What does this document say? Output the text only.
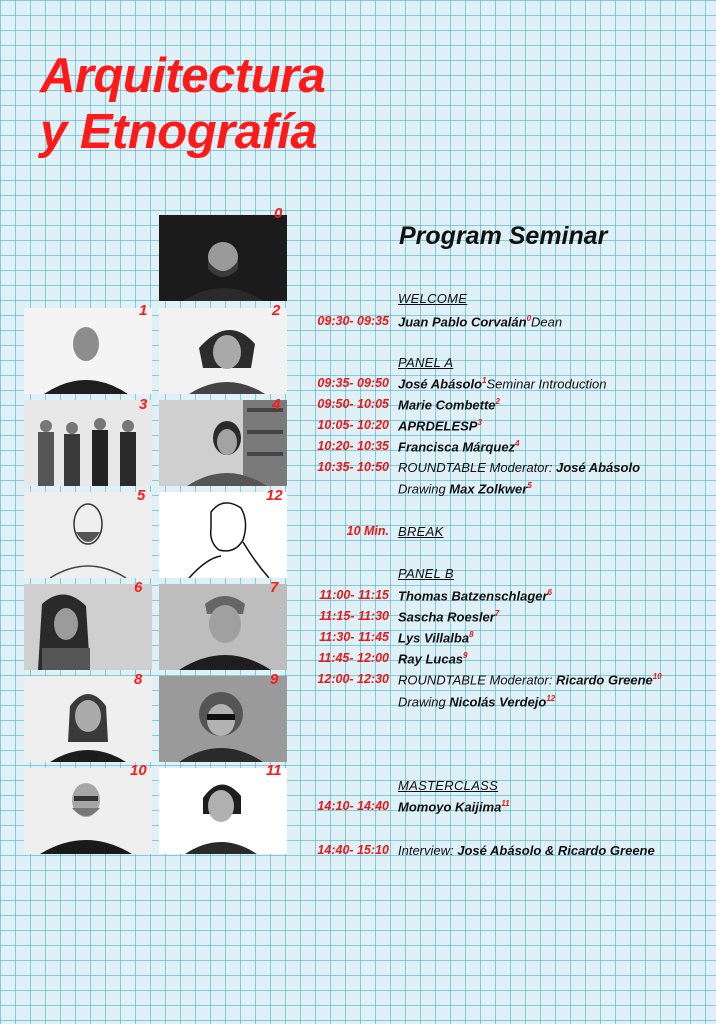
Arquitectura
y Etnografía
0
1	2
3	4
5	12
6	7
8	9
10	11
Program Seminar
WELCOME
09:30- 09:35 Juan Pablo Corvalán$^0$Dean
PANEL A
09:35- 09:50 José Abásolo$^1$Seminar Introduction
09:50- 10:05 Marie Combette$^2$
10:05- 10:20 APRDELESP$^3$
10:20- 10:35 Francisca Márquez$^4$
10:35- 10:50 ROUNDTABLE Moderator: José Abásolo
Drawing Max Zolkwer$^5$
10 Min. BREAK
PANEL B
11:00- 11:15 Thomas Batzenschlager$^6$
11:15- 11:30 Sascha Roesler$^7$
11:30- 11:45 Lys Villalba$^8$
11:45- 12:00 Ray Lucas$^9$
12:00- 12:30 ROUNDTABLE Moderator: Ricardo Greene$^{10}$
Drawing Nicolás Verdejo$^{12}$
MASTERCLASS
14:10- 14:40 Momoyo Kaijima$^{11}$
14:40- 15:10 Interview: José Abásolo & Ricardo Greene
